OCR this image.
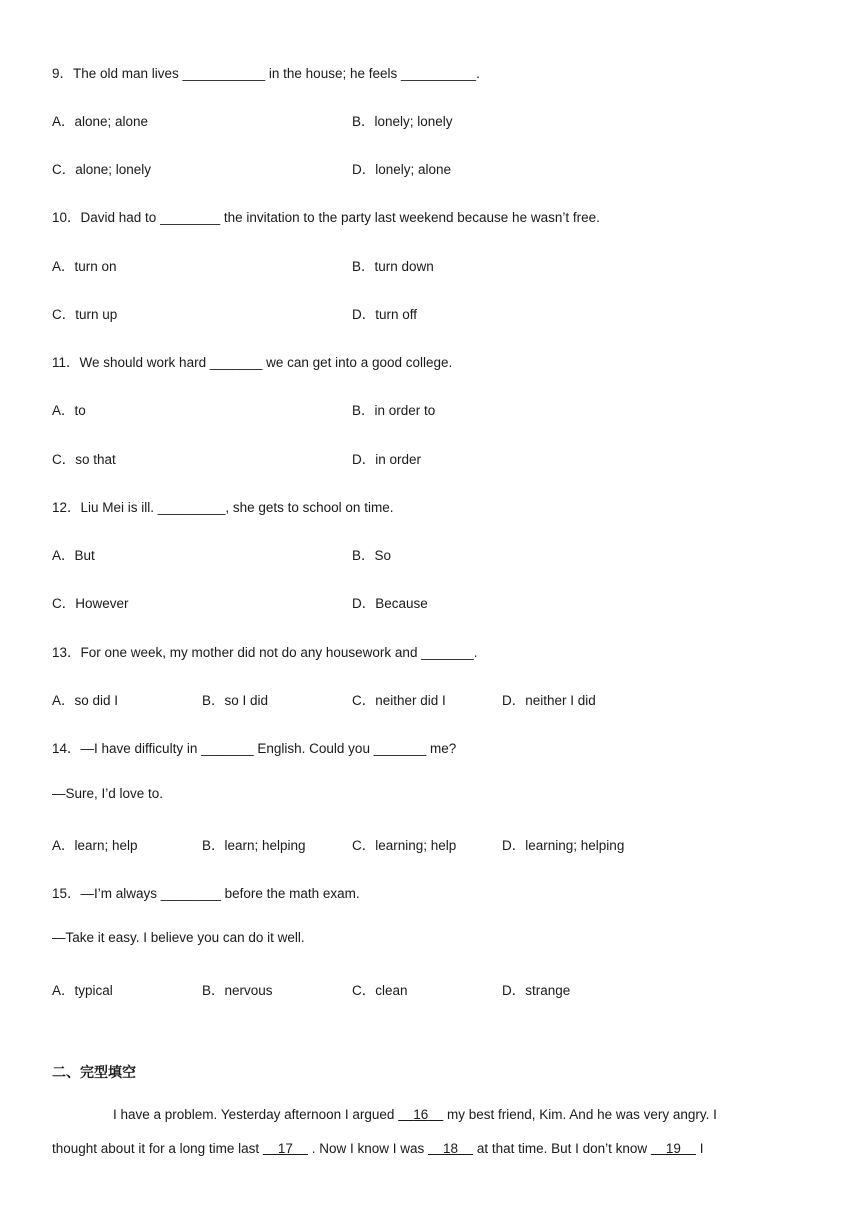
9．The old man lives ___________ in the house; he feels __________.
A．alone; alone	B．lonely; lonely
C．alone; lonely	D．lonely; alone
10．David had to ________ the invitation to the party last weekend because he wasn’t free.
A．turn on	B．turn down
C．turn up	D．turn off
11．We should work hard _______ we can get into a good college.
A．to	B．in order to
C．so that	D．in order
12．Liu Mei is ill. _________, she gets to school on time.
A．But	B．So
C．However	D．Because
13．For one week, my mother did not do any housework and _______.
A．so did I	B．so I did	C．neither did I	D．neither I did
14．—I have difficulty in _______ English. Could you _______ me?
—Sure, I’d love to.
A．learn; help	B．learn; helping	C．learning; help	D．learning; helping
15．—I’m always ________ before the math exam.
—Take it easy. I believe you can do it well.
A．typical	B．nervous	C．clean	D．strange
二、完型填空
I have a problem. Yesterday afternoon I argued     16     my best friend, Kim. And he was very angry. I
thought about it for a long time last     17     . Now I know I was     18     at that time. But I don’t know     19     I
